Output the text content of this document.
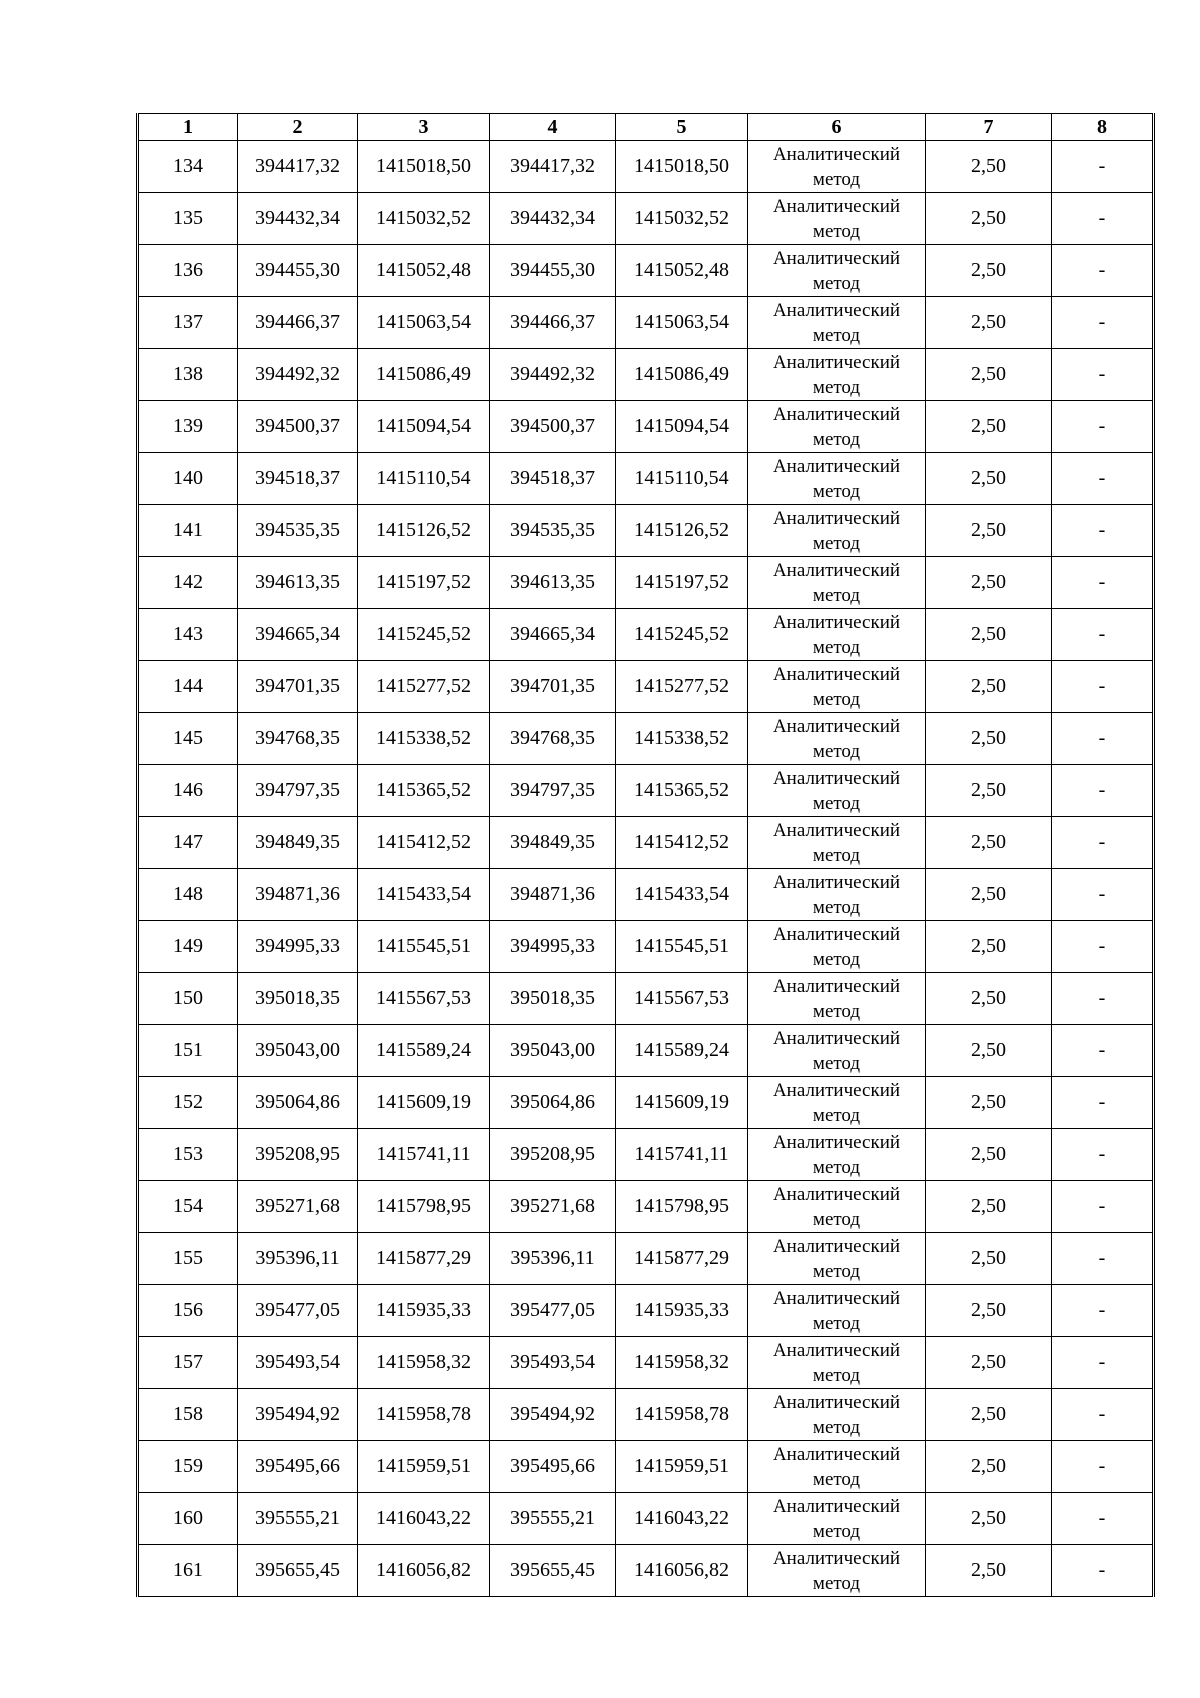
1	2	3	4	5	6	7	8
134	394417,32	1415018,50	394417,32	1415018,50	Аналитический метод	2,50	-
135	394432,34	1415032,52	394432,34	1415032,52	Аналитический метод	2,50	-
136	394455,30	1415052,48	394455,30	1415052,48	Аналитический метод	2,50	-
137	394466,37	1415063,54	394466,37	1415063,54	Аналитический метод	2,50	-
138	394492,32	1415086,49	394492,32	1415086,49	Аналитический метод	2,50	-
139	394500,37	1415094,54	394500,37	1415094,54	Аналитический метод	2,50	-
140	394518,37	1415110,54	394518,37	1415110,54	Аналитический метод	2,50	-
141	394535,35	1415126,52	394535,35	1415126,52	Аналитический метод	2,50	-
142	394613,35	1415197,52	394613,35	1415197,52	Аналитический метод	2,50	-
143	394665,34	1415245,52	394665,34	1415245,52	Аналитический метод	2,50	-
144	394701,35	1415277,52	394701,35	1415277,52	Аналитический метод	2,50	-
145	394768,35	1415338,52	394768,35	1415338,52	Аналитический метод	2,50	-
146	394797,35	1415365,52	394797,35	1415365,52	Аналитический метод	2,50	-
147	394849,35	1415412,52	394849,35	1415412,52	Аналитический метод	2,50	-
148	394871,36	1415433,54	394871,36	1415433,54	Аналитический метод	2,50	-
149	394995,33	1415545,51	394995,33	1415545,51	Аналитический метод	2,50	-
150	395018,35	1415567,53	395018,35	1415567,53	Аналитический метод	2,50	-
151	395043,00	1415589,24	395043,00	1415589,24	Аналитический метод	2,50	-
152	395064,86	1415609,19	395064,86	1415609,19	Аналитический метод	2,50	-
153	395208,95	1415741,11	395208,95	1415741,11	Аналитический метод	2,50	-
154	395271,68	1415798,95	395271,68	1415798,95	Аналитический метод	2,50	-
155	395396,11	1415877,29	395396,11	1415877,29	Аналитический метод	2,50	-
156	395477,05	1415935,33	395477,05	1415935,33	Аналитический метод	2,50	-
157	395493,54	1415958,32	395493,54	1415958,32	Аналитический метод	2,50	-
158	395494,92	1415958,78	395494,92	1415958,78	Аналитический метод	2,50	-
159	395495,66	1415959,51	395495,66	1415959,51	Аналитический метод	2,50	-
160	395555,21	1416043,22	395555,21	1416043,22	Аналитический метод	2,50	-
161	395655,45	1416056,82	395655,45	1416056,82	Аналитический метод	2,50	-
